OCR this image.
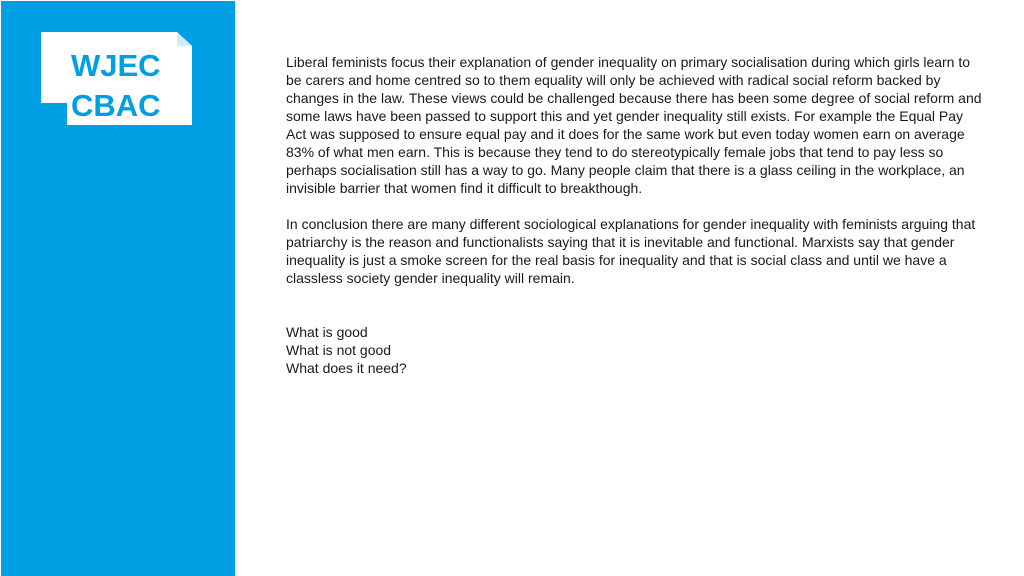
WJEC
CBAC

Liberal feminists focus their explanation of gender inequality on primary socialisation during which girls learn to be carers and home centred so to them equality will only be achieved with radical social reform backed by changes in the law. These views could be challenged because there has been some degree of social reform and some laws have been passed to support this and yet gender inequality still exists. For example the Equal Pay Act was supposed to ensure equal pay and it does for the same work but even today women earn on average 83% of what men earn. This is because they tend to do stereotypically female jobs that tend to pay less so perhaps socialisation still has a way to go. Many people claim that there is a glass ceiling in the workplace, an invisible barrier that women find it difficult to breakthough.

In conclusion there are many different sociological explanations for gender inequality with feminists arguing that patriarchy is the reason and functionalists saying that it is inevitable and functional. Marxists say that gender inequality is just a smoke screen for the real basis for inequality and that is social class and until we have a classless society gender inequality will remain.

What is good
What is not good
What does it need?
